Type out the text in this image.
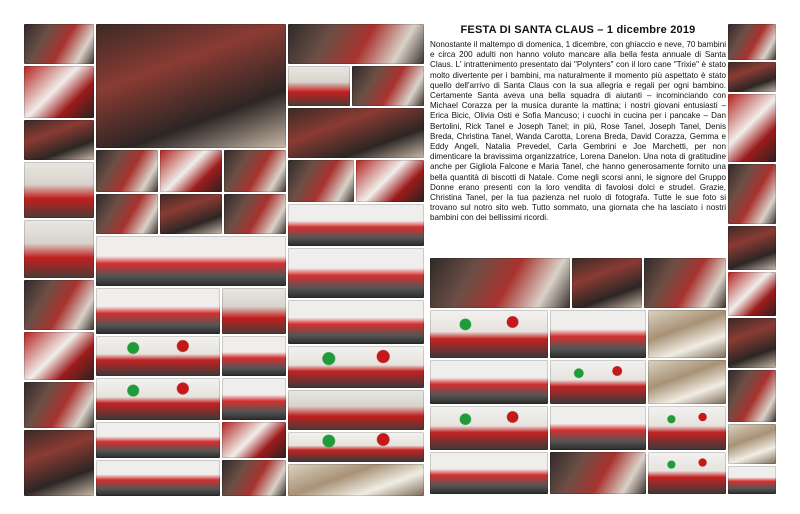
FESTA DI SANTA CLAUS – 1 dicembre 2019

Nonostante il maltempo di domenica, 1 dicembre, con ghiaccio e neve, 70 bambini e circa 200 adulti non hanno voluto mancare alla bella festa annuale di Santa Claus. L' intrattenimento presentato dai "Polynters" con il loro cane "Trixie" è stato molto divertente per i bambini, ma naturalmente il momento più aspettato è stato quello dell'arrivo di Santa Claus con la sua allegria e regali per ogni bambino. Certamente Santa aveva una bella squadra di aiutanti – incominciando con Michael Corazza per la musica durante la mattina; i nostri giovani entusiasti – Erica Bicic, Olivia Osti e Sofia Mancuso; i cuochi in cucina per i pancake – Dan Bertolini, Rick Tanel e Joseph Tanel; in più, Rose Tanel, Joseph Tanel, Denis Breda, Christina Tanel, Wanda Carotta, Lorena Breda, David Corazza, Gemma e Eddy Angeli, Natalia Prevedel, Carla Gembrini e Joe Marchetti, per non dimenticare la bravissima organizzatrice, Lorena Danelon. Una nota di gratitudine anche per Gigliola Falcone e Maria Tanel, che hanno generosamente fornito una bella quantità di biscotti di Natale. Come negli scorsi anni, le signore del Gruppo Donne erano presenti con la loro vendita di favolosi dolci e strudel. Grazie, Christina Tanel, per la tua pazienza nel ruolo di fotografa. Tutte le sue foto si trovano sul notro sito web. Tutto sommato, una giornata che ha lasciato i nostri bambini con dei bellissimi ricordi.
